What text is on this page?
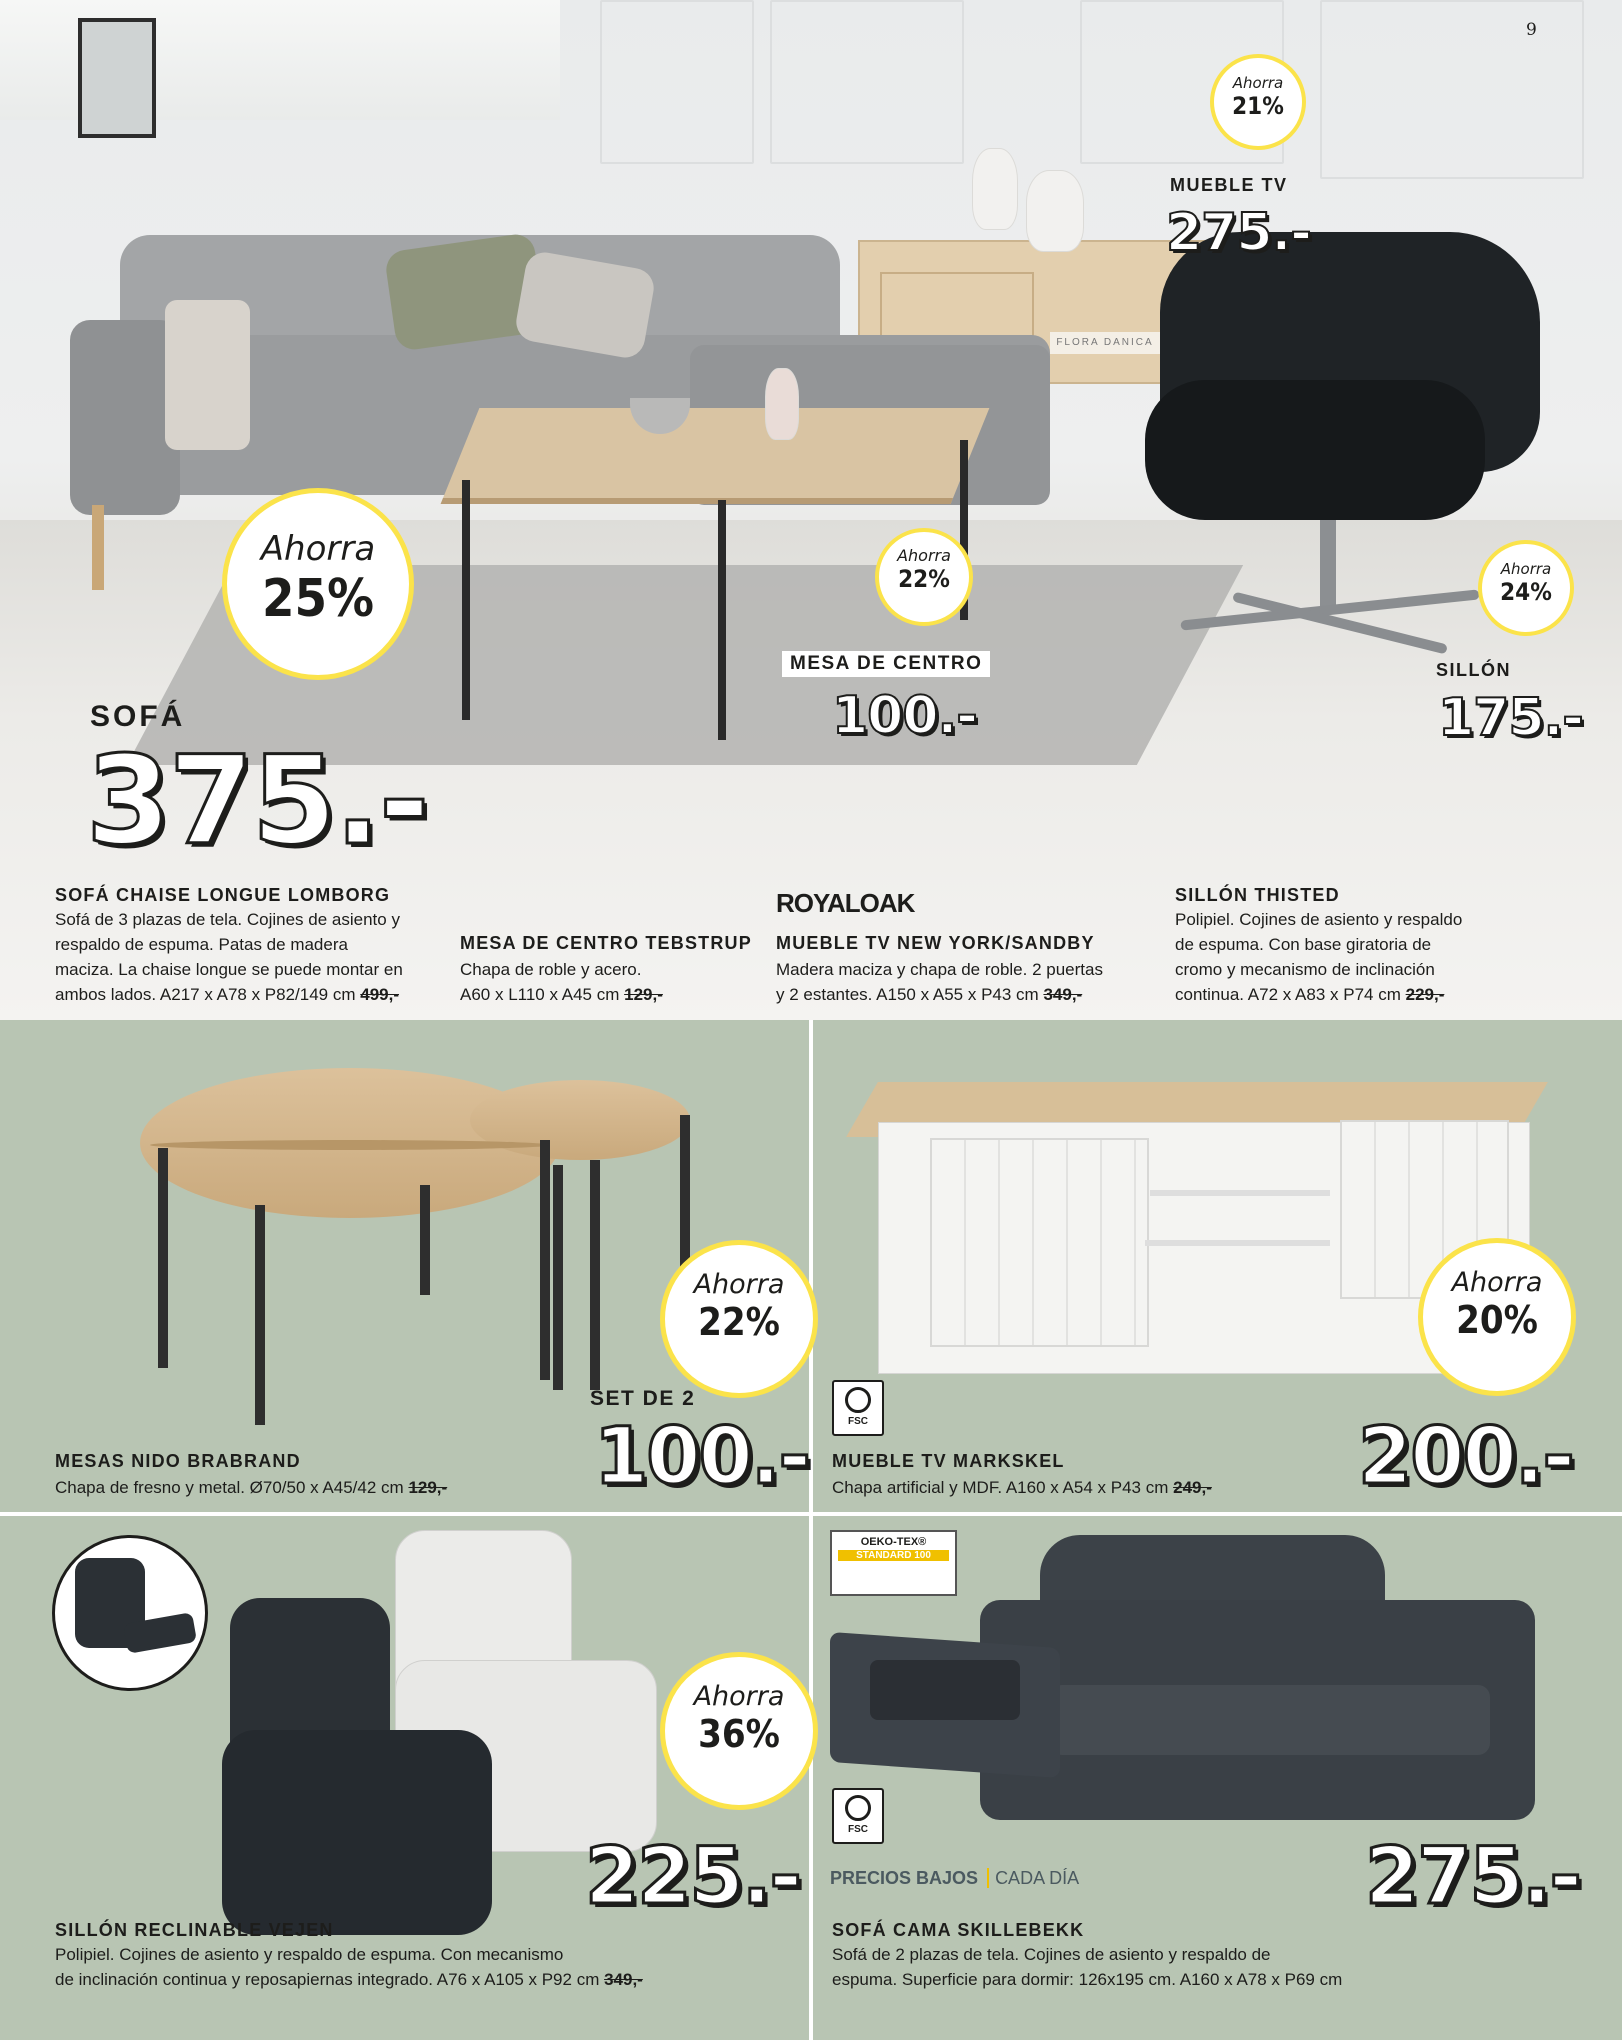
FLORA DANICA
9
Ahorra
25%
Ahorra
22%
Ahorra
21%
Ahorra
24%
SOFÁ
375.-
MESA DE CENTRO
100.-
MUEBLE TV
275.-
SILLÓN
175.-
SOFÁ CHAISE LONGUE LOMBORG
Sofá de 3 plazas de tela. Cojines de asiento y
respaldo de espuma. Patas de madera
maciza. La chaise longue se puede montar en
ambos lados. A217 x A78 x P82/149 cm 499,-
MESA DE CENTRO TEBSTRUP
Chapa de roble y acero.
A60 x L110 x A45 cm 129,-
ROYALOAK
MUEBLE TV NEW YORK/SANDBY
Madera maciza y chapa de roble. 2 puertas
y 2 estantes. A150 x A55 x P43 cm 349,-
SILLÓN THISTED
Polipiel. Cojines de asiento y respaldo
de espuma. Con base giratoria de
cromo y mecanismo de inclinación
continua. A72 x A83 x P74 cm 229,-
Ahorra
22%
SET DE 2
100.-
MESAS NIDO BRABRAND
Chapa de fresno y metal. Ø70/50 x A45/42 cm 129,-
Ahorra
20%
FSC	200.-
MUEBLE TV MARKSKEL
Chapa artificial y MDF. A160 x A54 x P43 cm 249,-
Ahorra
36%
225.-
SILLÓN RECLINABLE VEJEN
Polipiel. Cojines de asiento y respaldo de espuma. Con mecanismo
de inclinación continua y reposapiernas integrado. A76 x A105 x P92 cm 349,-
OEKO-TEX®
STANDARD 100
FSC
PRECIOS BAJOS CADA DÍA	275.-
SOFÁ CAMA SKILLEBEKK
Sofá de 2 plazas de tela. Cojines de asiento y respaldo de
espuma. Superficie para dormir: 126x195 cm. A160 x A78 x P69 cm
